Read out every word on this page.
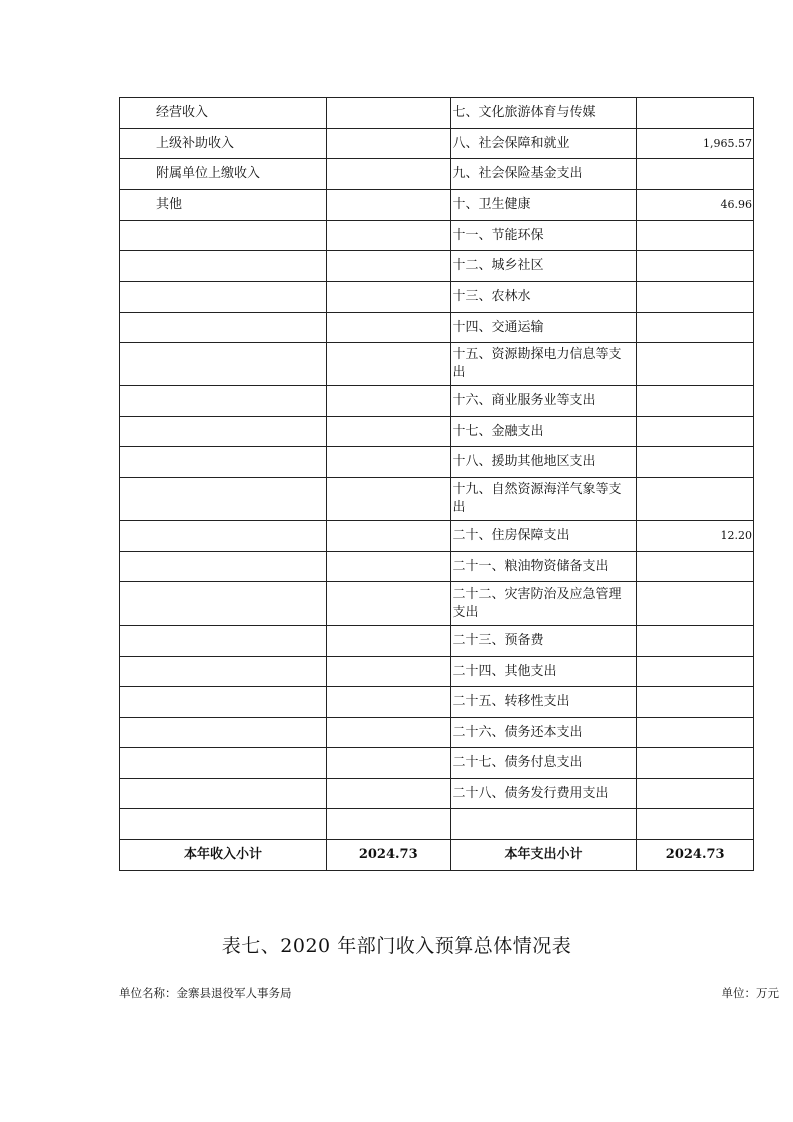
经营收入		七、文化旅游体育与传媒	
上级补助收入		八、社会保障和就业	1,965.57
附属单位上缴收入		九、社会保险基金支出	
其他		十、卫生健康	46.96
		十一、节能环保	
		十二、城乡社区	
		十三、农林水	
		十四、交通运输	
		十五、资源勘探电力信息等支出	
		十六、商业服务业等支出	
		十七、金融支出	
		十八、援助其他地区支出	
		十九、自然资源海洋气象等支出	
		二十、住房保障支出	12.20
		二十一、粮油物资储备支出	
		二十二、灾害防治及应急管理支出	
		二十三、预备费	
		二十四、其他支出	
		二十五、转移性支出	
		二十六、债务还本支出	
		二十七、债务付息支出	
		二十八、债务发行费用支出	

本年收入小计	2024.73	本年支出小计	2024.73
表七、2020 年部门收入预算总体情况表
单位名称：金寨县退役军人事务局	单位：万元
